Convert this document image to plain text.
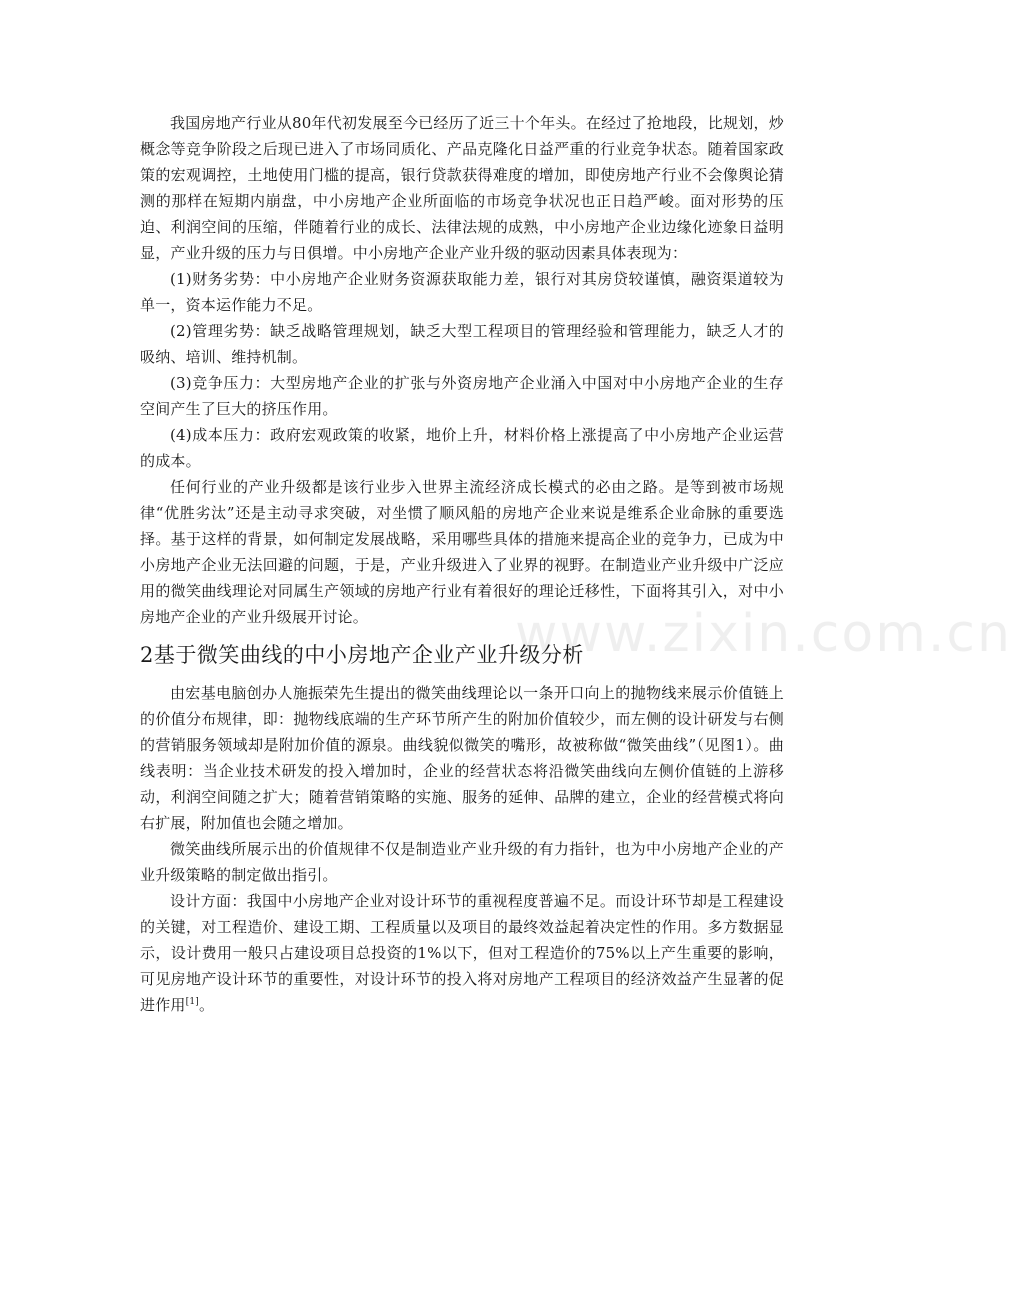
我国房地产行业从80年代初发展至今已经历了近三十个年头。在经过了抢地段，比规划，炒概念等竞争阶段之后现已进入了市场同质化、产品克隆化日益严重的行业竞争状态。随着国家政策的宏观调控，土地使用门槛的提高，银行贷款获得难度的增加，即使房地产行业不会像舆论猜测的那样在短期内崩盘，中小房地产企业所面临的市场竞争状况也正日趋严峻。面对形势的压迫、利润空间的压缩，伴随着行业的成长、法律法规的成熟，中小房地产企业边缘化迹象日益明显，产业升级的压力与日俱增。中小房地产企业产业升级的驱动因素具体表现为：

(1)财务劣势：中小房地产企业财务资源获取能力差，银行对其房贷较谨慎，融资渠道较为单一，资本运作能力不足。

(2)管理劣势：缺乏战略管理规划，缺乏大型工程项目的管理经验和管理能力，缺乏人才的吸纳、培训、维持机制。

(3)竞争压力：大型房地产企业的扩张与外资房地产企业涌入中国对中小房地产企业的生存空间产生了巨大的挤压作用。

(4)成本压力：政府宏观政策的收紧，地价上升，材料价格上涨提高了中小房地产企业运营的成本。

任何行业的产业升级都是该行业步入世界主流经济成长模式的必由之路。是等到被市场规律“优胜劣汰”还是主动寻求突破，对坐惯了顺风船的房地产企业来说是维系企业命脉的重要选择。基于这样的背景，如何制定发展战略，采用哪些具体的措施来提高企业的竞争力，已成为中小房地产企业无法回避的问题，于是，产业升级进入了业界的视野。在制造业产业升级中广泛应用的微笑曲线理论对同属生产领域的房地产行业有着很好的理论迁移性，下面将其引入，对中小房地产企业的产业升级展开讨论。

2基于微笑曲线的中小房地产企业产业升级分析

由宏基电脑创办人施振荣先生提出的微笑曲线理论以一条开口向上的抛物线来展示价值链上的价值分布规律，即：抛物线底端的生产环节所产生的附加价值较少，而左侧的设计研发与右侧的营销服务领域却是附加价值的源泉。曲线貌似微笑的嘴形，故被称做“微笑曲线”（见图1）。曲线表明：当企业技术研发的投入增加时，企业的经营状态将沿微笑曲线向左侧价值链的上游移动，利润空间随之扩大；随着营销策略的实施、服务的延伸、品牌的建立，企业的经营模式将向右扩展，附加值也会随之增加。

微笑曲线所展示出的价值规律不仅是制造业产业升级的有力指针，也为中小房地产企业的产业升级策略的制定做出指引。

设计方面：我国中小房地产企业对设计环节的重视程度普遍不足。而设计环节却是工程建设的关键，对工程造价、建设工期、工程质量以及项目的最终效益起着决定性的作用。多方数据显示，设计费用一般只占建设项目总投资的1%以下，但对工程造价的75%以上产生重要的影响，可见房地产设计环节的重要性，对设计环节的投入将对房地产工程项目的经济效益产生显著的促进作用[1]。

www.zixin.com.cn
